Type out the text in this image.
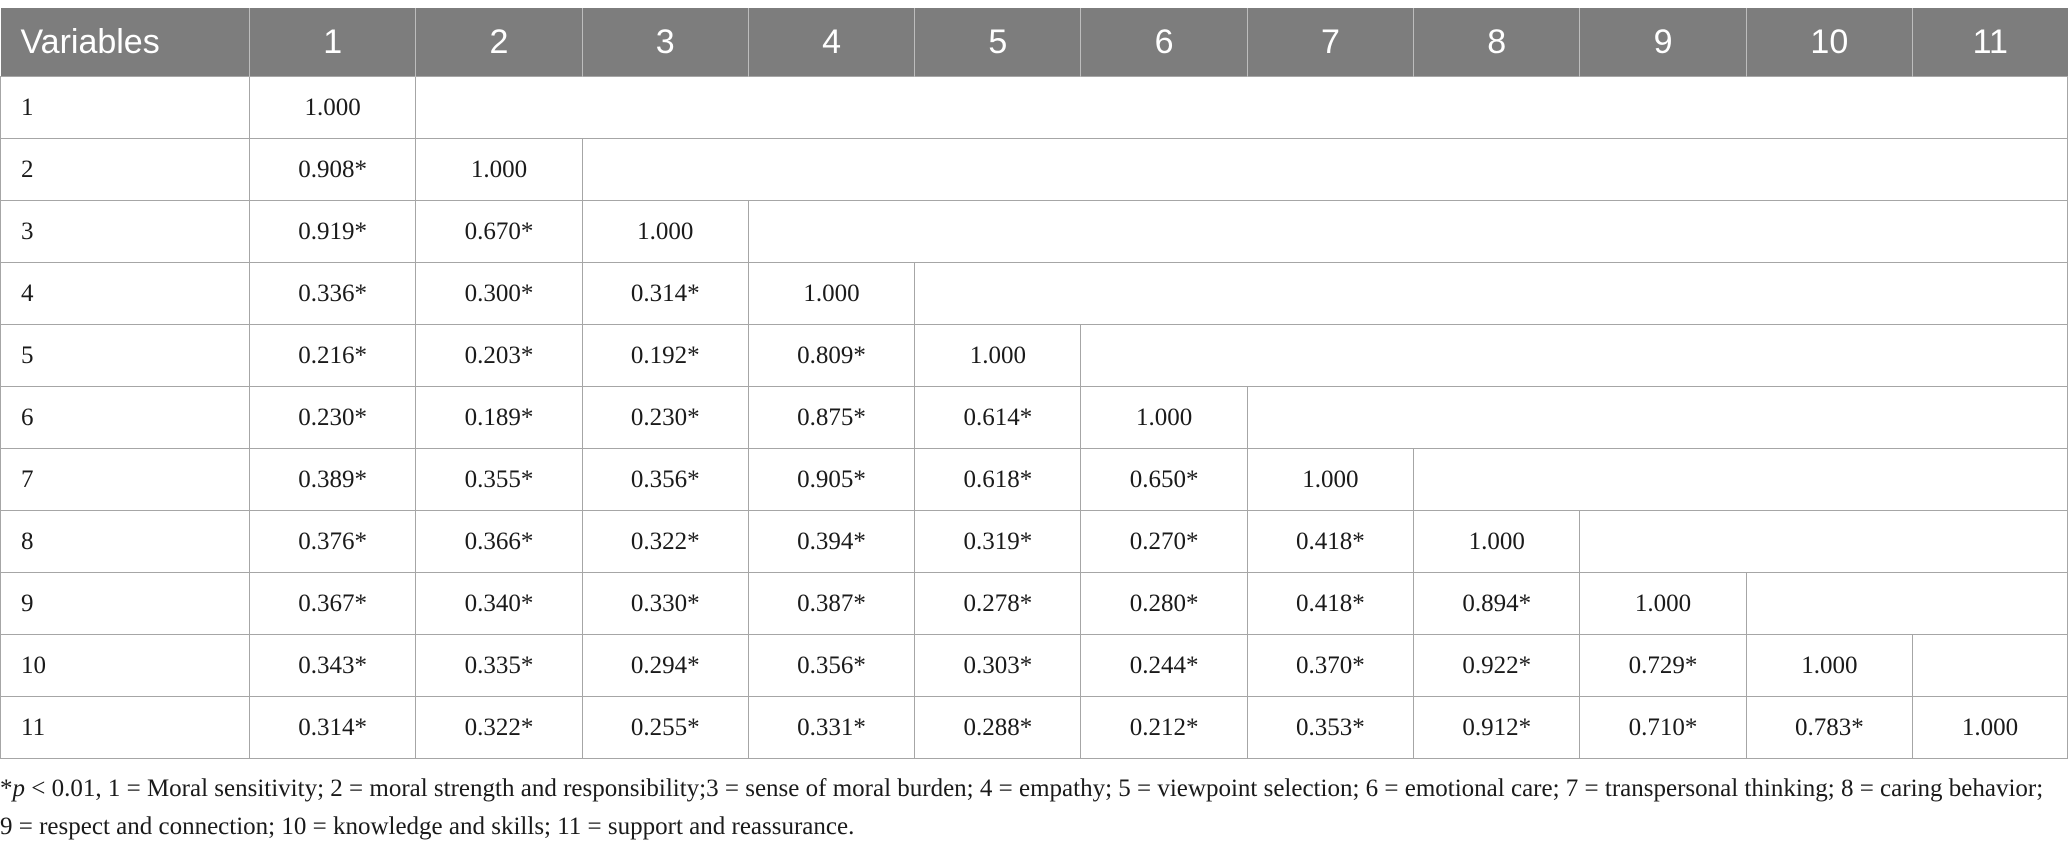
Variables	1	2	3	4	5	6	7	8	9	10	11
1	1.000										
2	0.908*	1.000									
3	0.919*	0.670*	1.000								
4	0.336*	0.300*	0.314*	1.000							
5	0.216*	0.203*	0.192*	0.809*	1.000						
6	0.230*	0.189*	0.230*	0.875*	0.614*	1.000					
7	0.389*	0.355*	0.356*	0.905*	0.618*	0.650*	1.000				
8	0.376*	0.366*	0.322*	0.394*	0.319*	0.270*	0.418*	1.000			
9	0.367*	0.340*	0.330*	0.387*	0.278*	0.280*	0.418*	0.894*	1.000		
10	0.343*	0.335*	0.294*	0.356*	0.303*	0.244*	0.370*	0.922*	0.729*	1.000	
11	0.314*	0.322*	0.255*	0.331*	0.288*	0.212*	0.353*	0.912*	0.710*	0.783*	1.000
*p < 0.01, 1 = Moral sensitivity; 2 = moral strength and responsibility;3 = sense of moral burden; 4 = empathy; 5 = viewpoint selection; 6 = emotional care; 7 = transpersonal thinking; 8 = caring behavior; 9 = respect and connection; 10 = knowledge and skills; 11 = support and reassurance.
